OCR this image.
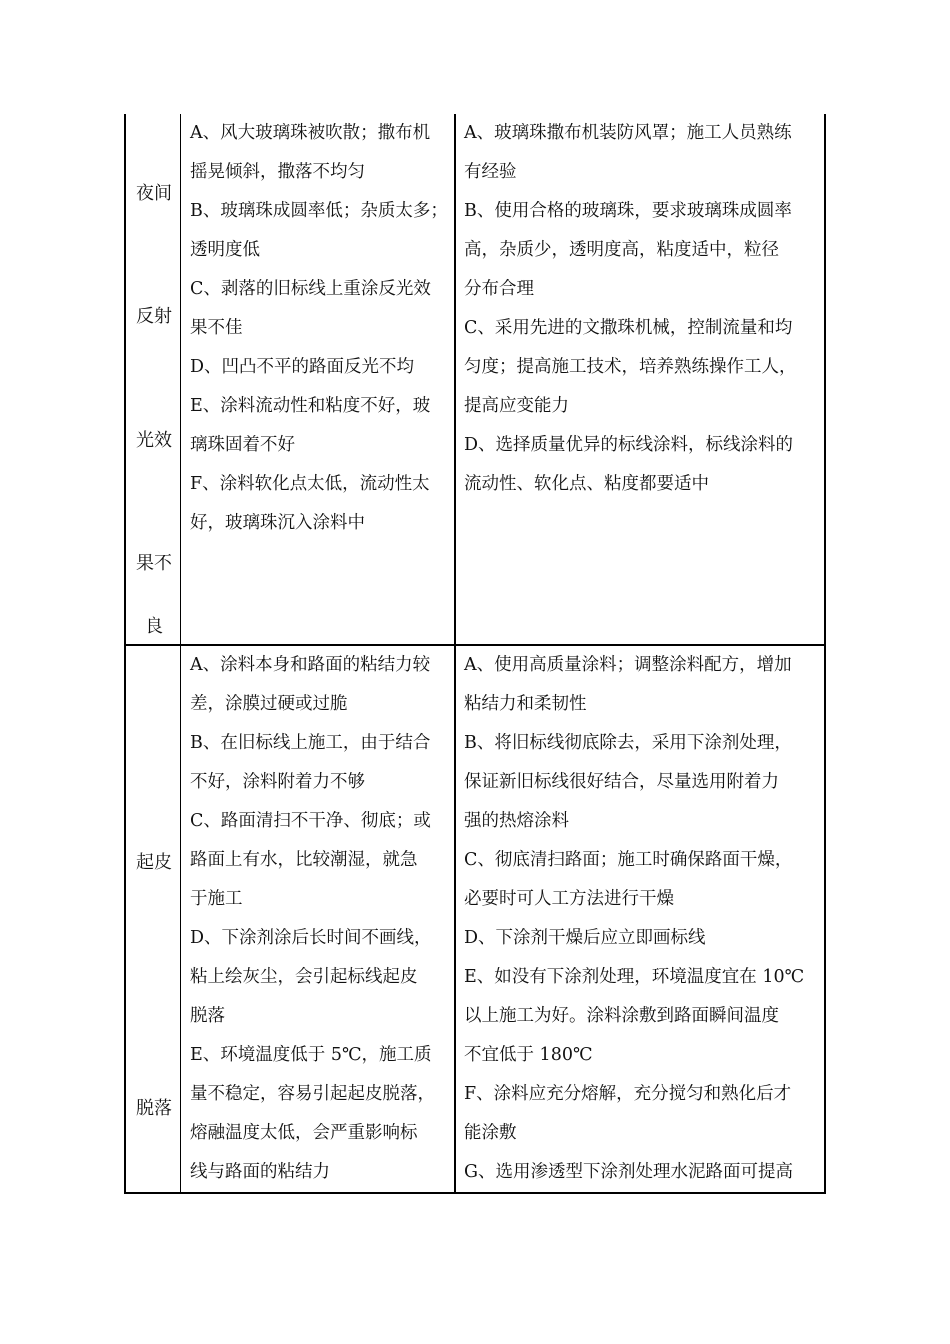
夜间
反射
光效
果不
良
A、风大玻璃珠被吹散；撒布机
摇晃倾斜，撒落不均匀
B、玻璃珠成圆率低；杂质太多；
透明度低
C、剥落的旧标线上重涂反光效
果不佳
D、凹凸不平的路面反光不均
E、涂料流动性和粘度不好，玻
璃珠固着不好
F、涂料软化点太低，流动性太
好，玻璃珠沉入涂料中
A、玻璃珠撒布机装防风罩；施工人员熟练
有经验
B、使用合格的玻璃珠，要求玻璃珠成圆率
高，杂质少，透明度高，粘度适中，粒径
分布合理
C、采用先进的文撒珠机械，控制流量和均
匀度；提高施工技术，培养熟练操作工人，
提高应变能力
D、选择质量优异的标线涂料，标线涂料的
流动性、软化点、粘度都要适中
起皮
脱落
A、涂料本身和路面的粘结力较
差，涂膜过硬或过脆
B、在旧标线上施工，由于结合
不好，涂料附着力不够
C、路面清扫不干净、彻底；或
路面上有水，比较潮湿，就急
于施工
D、下涂剂涂后长时间不画线，
粘上绘灰尘，会引起标线起皮
脱落
E、环境温度低于 5℃，施工质
量不稳定，容易引起起皮脱落，
熔融温度太低，会严重影响标
线与路面的粘结力
A、使用高质量涂料；调整涂料配方，增加
粘结力和柔韧性
B、将旧标线彻底除去，采用下涂剂处理，
保证新旧标线很好结合，尽量选用附着力
强的热熔涂料
C、彻底清扫路面；施工时确保路面干燥，
必要时可人工方法进行干燥
D、下涂剂干燥后应立即画标线
E、如没有下涂剂处理，环境温度宜在 10℃
以上施工为好。涂料涂敷到路面瞬间温度
不宜低于 180℃
F、涂料应充分熔解，充分搅匀和熟化后才
能涂敷
G、选用渗透型下涂剂处理水泥路面可提高
